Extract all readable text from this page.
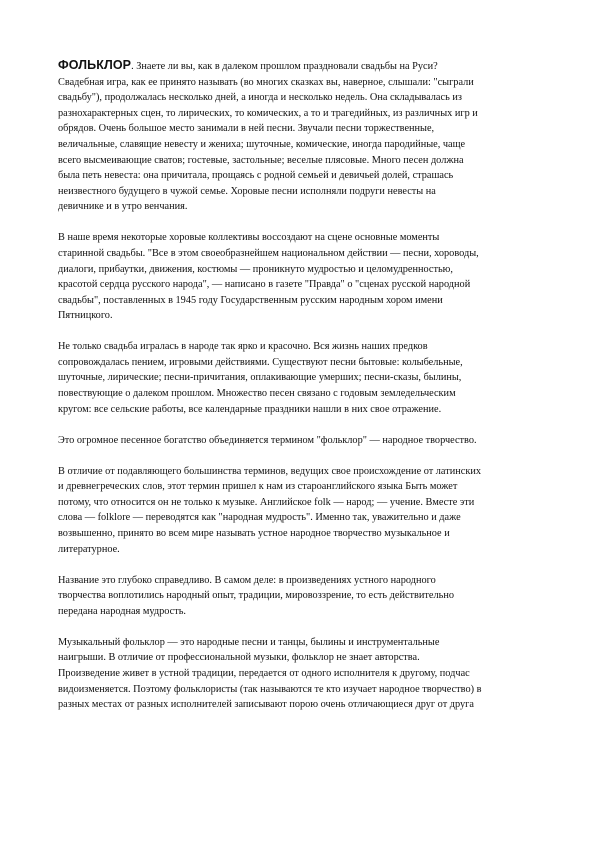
ФОЛЬКЛОР. Знаете ли вы, как в далеком прошлом праздновали свадьбы на Руси? Свадебная игра, как ее принято называть (во многих сказках вы, наверное, слышали: "сыграли свадьбу"), продолжалась несколько дней, а иногда и несколько недель. Она складывалась из разнохарактерных сцен, то лирических, то комических, а то и трагедийных, из различных игр и обрядов. Очень большое место занимали в ней песни. Звучали песни торжественные, величальные, славящие невесту и жениха; шуточные, комические, иногда пародийные, чаще всего высмеивающие сватов; гостевые, застольные; веселые плясовые. Много песен должна была петь невеста: она причитала, прощаясь с родной семьей и девичьей долей, страшась неизвестного будущего в чужой семье. Хоровые песни исполняли подруги невесты на девичнике и в утро венчания.

В наше время некоторые хоровые коллективы воссоздают на сцене основные моменты старинной свадьбы. "Все в этом своеобразнейшем национальном действии — песни, хороводы, диалоги, прибаутки, движения, костюмы — проникнуто мудростью и целомудренностью, красотой сердца русского народа", — написано в газете "Правда" о "сценах русской народной свадьбы", поставленных в 1945 году Государственным русским народным хором имени Пятницкого.

Не только свадьба игралась в народе так ярко и красочно. Вся жизнь наших предков сопровождалась пением, игровыми действиями. Существуют песни бытовые: колыбельные, шуточные, лирические; песни-причитания, оплакивающие умерших; песни-сказы, былины, повествующие о далеком прошлом. Множество песен связано с годовым земледельческим кругом: все сельские работы, все календарные праздники нашли в них свое отражение.

Это огромное песенное богатство объединяется термином "фольклор" — народное творчество.

В отличие от подавляющего большинства терминов, ведущих свое происхождение от латинских и древнегреческих слов, этот термин пришел к нам из староанглийского языка Быть может потому, что относится он не только к музыке. Английское folk — народ; — учение. Вместе эти слова — folklore — переводятся как "народная мудрость". Именно так, уважительно и даже возвышенно, принято во всем мире называть устное народное творчество музыкальное и литературное.

Название это глубоко справедливо. В самом деле: в произведениях устного народного творчества воплотились народный опыт, традиции, мировоззрение, то есть действительно передана народная мудрость.

Музыкальный фольклор — это народные песни и танцы, былины и инструментальные наигрыши. В отличие от профессиональной музыки, фольклор не знает авторства. Произведение живет в устной традиции, передается от одного исполнителя к другому, подчас видоизменяется. Поэтому фольклористы (так называются те кто изучает народное творчество) в разных местах от разных исполнителей записывают порою очень отличающиеся друг от друга
